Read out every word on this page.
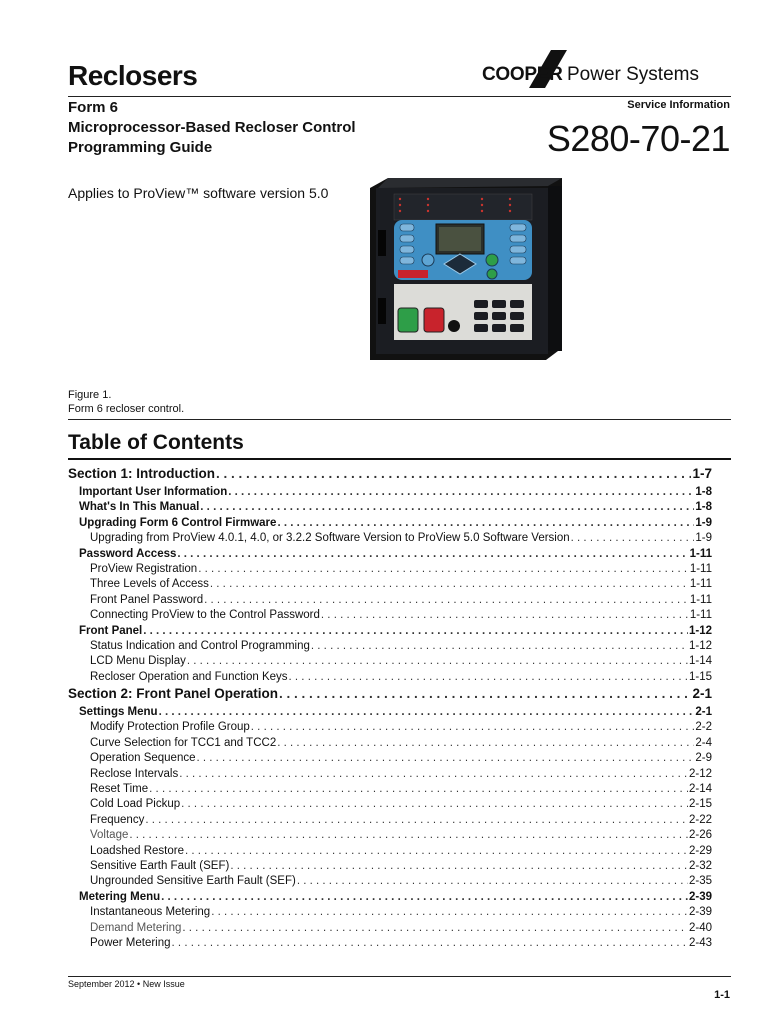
Reclosers	COOPER Power Systems
Form 6
Microprocessor-Based Recloser Control
Programming Guide
Service Information
S280-70-21
Applies to ProView™ software version 5.0
Figure 1.
Form 6 recloser control.
Table of Contents
Section 1: Introduction . . .	1-7
Important User Information . . .	1-8
What's In This Manual . . .	1-8
Upgrading Form 6 Control Firmware . . .	1-9
Upgrading from ProView 4.0.1, 4.0, or 3.2.2 Software Version to ProView 5.0 Software Version . . .	1-9
Password Access . . .	1-11
ProView Registration . . .	1-11
Three Levels of Access . . .	1-11
Front Panel Password . . .	1-11
Connecting ProView to the Control Password . . .	1-11
Front Panel . . .	1-12
Status Indication and Control Programming . . .	1-12
LCD Menu Display . . .	1-14
Recloser Operation and Function Keys . . .	1-15
Section 2: Front Panel Operation . . .	2-1
Settings Menu . . .	2-1
Modify Protection Profile Group . . .	2-2
Curve Selection for TCC1 and TCC2 . . .	2-4
Operation Sequence . . .	2-9
Reclose Intervals . . .	2-12
Reset Time . . .	2-14
Cold Load Pickup . . .	2-15
Frequency . . .	2-22
Voltage . . .	2-26
Loadshed Restore . . .	2-29
Sensitive Earth Fault (SEF) . . .	2-32
Ungrounded Sensitive Earth Fault (SEF) . . .	2-35
Metering Menu . . .	2-39
Instantaneous Metering . . .	2-39
Demand Metering . . .	2-40
Power Metering . . .	2-43
September 2012 • New Issue
1-1
